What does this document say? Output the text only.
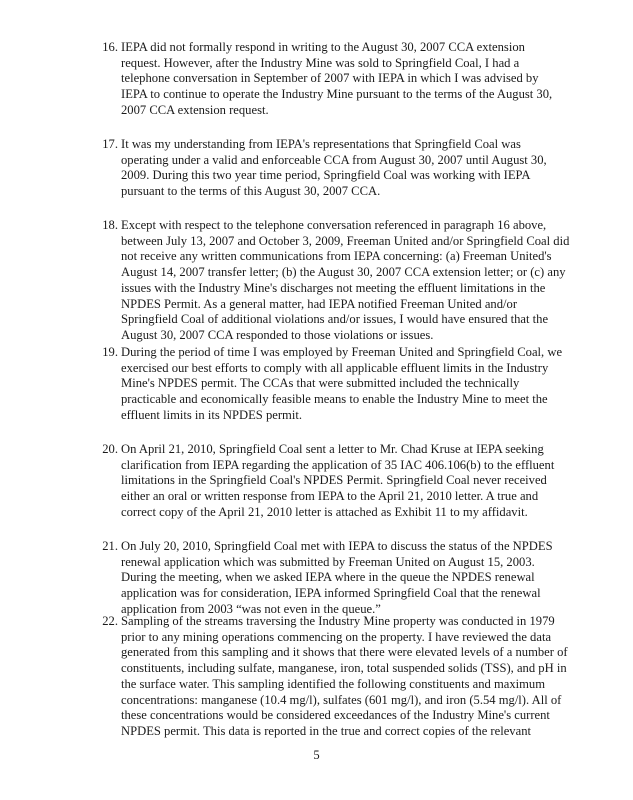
16. IEPA did not formally respond in writing to the August 30, 2007 CCA extension
request. However, after the Industry Mine was sold to Springfield Coal, I had a
telephone conversation in September of 2007 with IEPA in which I was advised by
IEPA to continue to operate the Industry Mine pursuant to the terms of the August 30,
2007 CCA extension request.
17. It was my understanding from IEPA's representations that Springfield Coal was
operating under a valid and enforceable CCA from August 30, 2007 until August 30,
2009. During this two year time period, Springfield Coal was working with IEPA
pursuant to the terms of this August 30, 2007 CCA.
18. Except with respect to the telephone conversation referenced in paragraph 16 above,
between July 13, 2007 and October 3, 2009, Freeman United and/or Springfield Coal did
not receive any written communications from IEPA concerning: (a) Freeman United's
August 14, 2007 transfer letter; (b) the August 30, 2007 CCA extension letter; or (c) any
issues with the Industry Mine's discharges not meeting the effluent limitations in the
NPDES Permit. As a general matter, had IEPA notified Freeman United and/or
Springfield Coal of additional violations and/or issues, I would have ensured that the
August 30, 2007 CCA responded to those violations or issues.
19. During the period of time I was employed by Freeman United and Springfield Coal, we
exercised our best efforts to comply with all applicable effluent limits in the Industry
Mine's NPDES permit. The CCAs that were submitted included the technically
practicable and economically feasible means to enable the Industry Mine to meet the
effluent limits in its NPDES permit.
20. On April 21, 2010, Springfield Coal sent a letter to Mr. Chad Kruse at IEPA seeking
clarification from IEPA regarding the application of 35 IAC 406.106(b) to the effluent
limitations in the Springfield Coal's NPDES Permit. Springfield Coal never received
either an oral or written response from IEPA to the April 21, 2010 letter. A true and
correct copy of the April 21, 2010 letter is attached as Exhibit 11 to my affidavit.
21. On July 20, 2010, Springfield Coal met with IEPA to discuss the status of the NPDES
renewal application which was submitted by Freeman United on August 15, 2003.
During the meeting, when we asked IEPA where in the queue the NPDES renewal
application was for consideration, IEPA informed Springfield Coal that the renewal
application from 2003 “was not even in the queue.”
22. Sampling of the streams traversing the Industry Mine property was conducted in 1979
prior to any mining operations commencing on the property. I have reviewed the data
generated from this sampling and it shows that there were elevated levels of a number of
constituents, including sulfate, manganese, iron, total suspended solids (TSS), and pH in
the surface water. This sampling identified the following constituents and maximum
concentrations: manganese (10.4 mg/l), sulfates (601 mg/l), and iron (5.54 mg/l). All of
these concentrations would be considered exceedances of the Industry Mine's current
NPDES permit. This data is reported in the true and correct copies of the relevant
5
